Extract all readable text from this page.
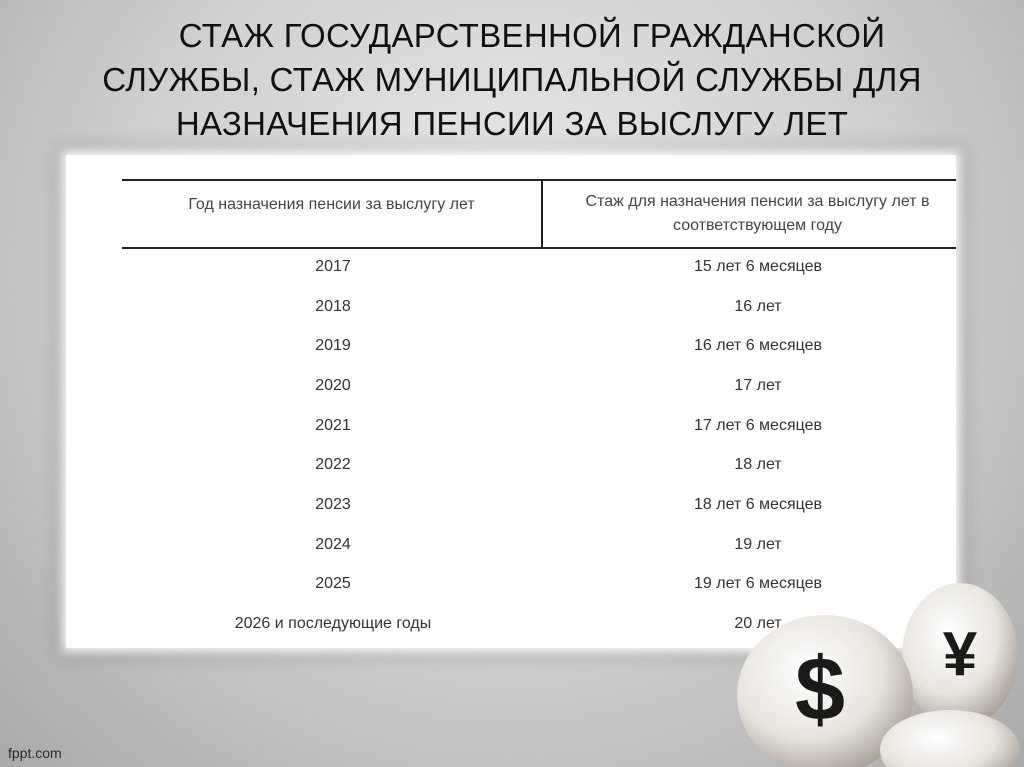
СТАЖ ГОСУДАРСТВЕННОЙ ГРАЖДАНСКОЙ
СЛУЖБЫ, СТАЖ МУНИЦИПАЛЬНОЙ СЛУЖБЫ ДЛЯ
НАЗНАЧЕНИЯ ПЕНСИИ ЗА ВЫСЛУГУ ЛЕТ
Год назначения пенсии за выслугу лет	Стаж для назначения пенсии за выслугу лет в соответствующем году
2017	15 лет 6 месяцев
2018	16 лет
2019	16 лет 6 месяцев
2020	17 лет
2021	17 лет 6 месяцев
2022	18 лет
2023	18 лет 6 месяцев
2024	19 лет
2025	19 лет 6 месяцев
2026 и последующие годы	20 лет
$ ¥
fppt.com
